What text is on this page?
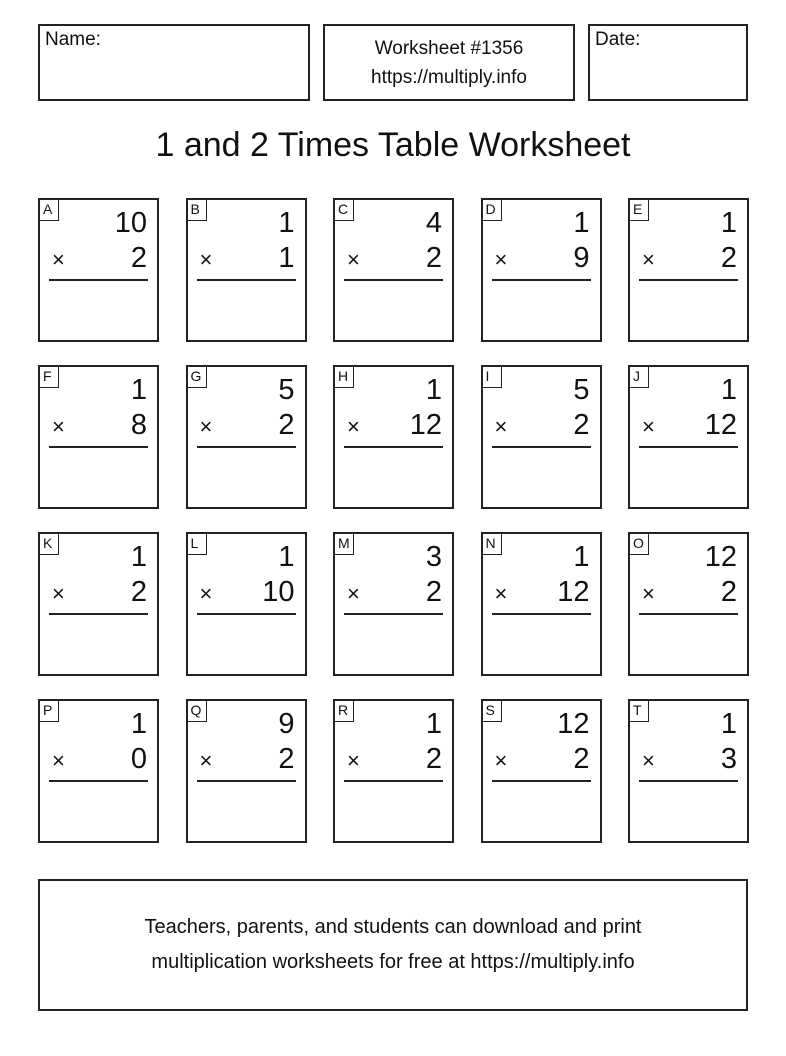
Name:	Worksheet #1356
https://multiply.info
Date:
1 and 2 Times Table Worksheet
A 10
× 2
B	1
× 1
C	4
× 2
D	1
× 9
E	1
× 2
F	1
× 8
G	5
× 2
H	1
× 12
I	5
× 2
J	1
× 12
K	1
× 2
L	1
× 10
M	3
× 2
N	1
× 12
O 12
× 2
P	1
× 0
Q	9
× 2
R	1
× 2
S 12
× 2
T	1
× 3
Teachers, parents, and students can download and print
multiplication worksheets for free at https://multiply.info
